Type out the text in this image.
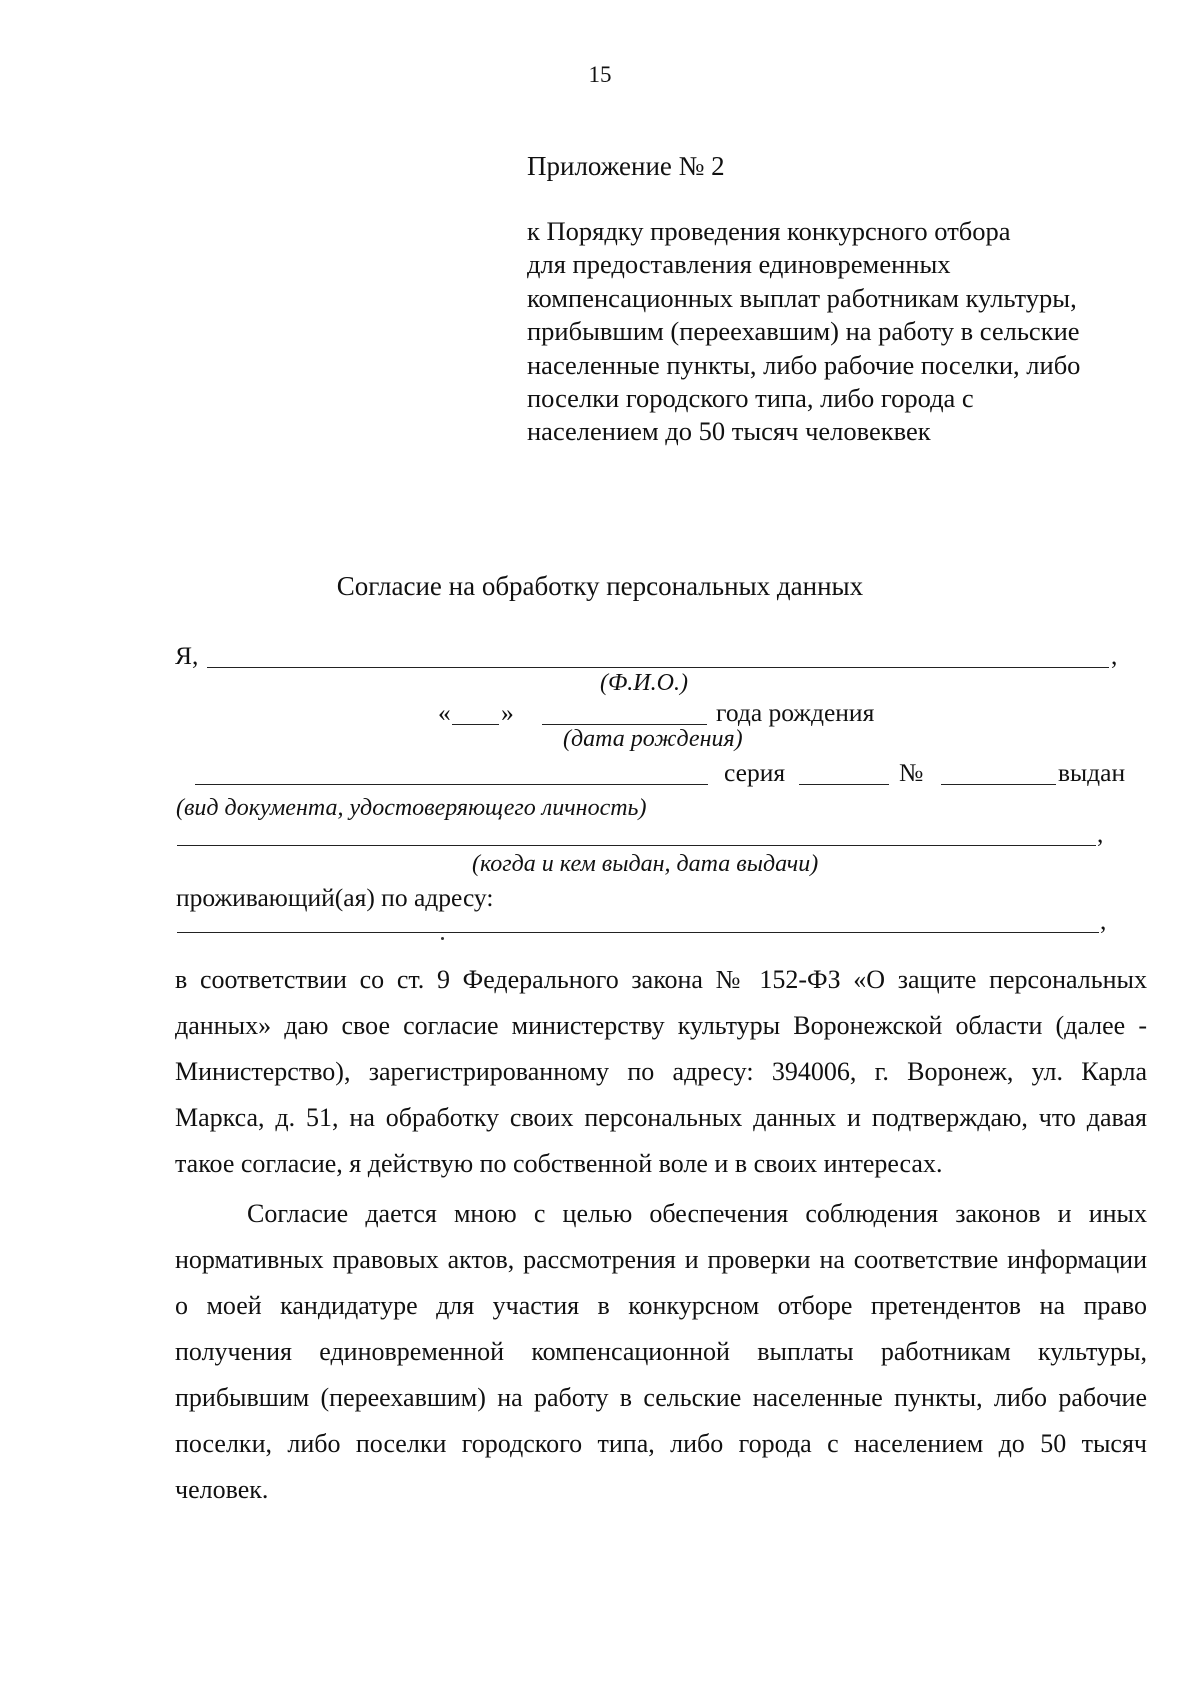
15
Приложение № 2
к Порядку проведения конкурсного отбора
для предоставления единовременных
компенсационных выплат работникам культуры,
прибывшим (переехавшим) на работу в сельские
населенные пункты, либо рабочие поселки, либо
поселки городского типа, либо города с
населением до 50 тысяч человеквек
Согласие на обработку персональных данных
Я,	,
(Ф.И.О.)
« »	года рождения
(дата рождения)
серия	№	выдан
(вид документа, удостоверяющего личность)
,
(когда и кем выдан, дата выдачи)
проживающий(ая) по адресу:
,

в соответствии со ст. 9 Федерального закона № 152-ФЗ «О защите персональных данных» даю свое согласие министерству культуры Воронежской области (далее - Министерство), зарегистрированному по адресу: 394006, г. Воронеж, ул. Карла Маркса, д. 51, на обработку своих персональных данных и подтверждаю, что давая такое согласие, я действую по собственной воле и в своих интересах.

Согласие дается мною с целью обеспечения соблюдения законов и иных нормативных правовых актов, рассмотрения и проверки на соответствие информации о моей кандидатуре для участия в конкурсном отборе претендентов на право получения единовременной компенсационной выплаты работникам культуры, прибывшим (переехавшим) на работу в сельские населенные пункты, либо рабочие поселки, либо поселки городского типа, либо города с населением до 50 тысяч человек.
